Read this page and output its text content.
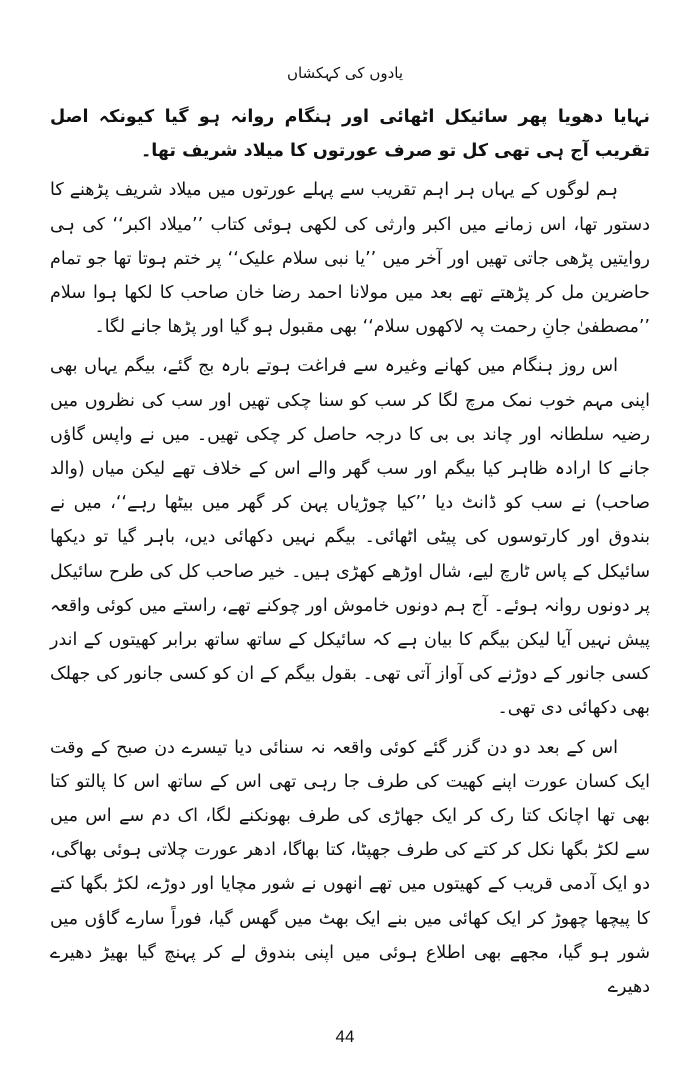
یادوں کی کہکشاں

نہایا دھویا پھر سائیکل اٹھائی اور ہنگام روانہ ہو گیا کیونکہ اصل تقریب آج ہی تھی کل تو صرف عورتوں کا میلاد شریف تھا۔

ہم لوگوں کے یہاں ہر اہم تقریب سے پہلے عورتوں میں میلاد شریف پڑھنے کا دستور تھا، اس زمانے میں اکبر وارثی کی لکھی ہوئی کتاب ’’میلاد اکبر‘‘ کی ہی روایتیں پڑھی جاتی تھیں اور آخر میں ’’یا نبی سلام علیک‘‘ پر ختم ہوتا تھا جو تمام حاضرین مل کر پڑھتے تھے بعد میں مولانا احمد رضا خان صاحب کا لکھا ہوا سلام ’’مصطفیٰ جانِ رحمت پہ لاکھوں سلام‘‘ بھی مقبول ہو گیا اور پڑھا جانے لگا۔

اس روز ہنگام میں کھانے وغیرہ سے فراغت ہوتے بارہ بج گئے، بیگم یہاں بھی اپنی مہم خوب نمک مرچ لگا کر سب کو سنا چکی تھیں اور سب کی نظروں میں رضیہ سلطانہ اور چاند بی بی کا درجہ حاصل کر چکی تھیں۔ میں نے واپس گاؤں جانے کا ارادہ ظاہر کیا بیگم اور سب گھر والے اس کے خلاف تھے لیکن میاں (والد صاحب) نے سب کو ڈانٹ دیا ’’کیا چوڑیاں پہن کر گھر میں بیٹھا رہے‘‘، میں نے بندوق اور کارتوسوں کی پیٹی اٹھائی۔ بیگم نہیں دکھائی دیں، باہر گیا تو دیکھا سائیکل کے پاس ٹارچ لیے، شال اوڑھے کھڑی ہیں۔ خیر صاحب کل کی طرح سائیکل پر دونوں روانہ ہوئے۔ آج ہم دونوں خاموش اور چوکنے تھے، راستے میں کوئی واقعہ پیش نہیں آیا لیکن بیگم کا بیان ہے کہ سائیکل کے ساتھ ساتھ برابر کھیتوں کے اندر کسی جانور کے دوڑنے کی آواز آتی تھی۔ بقول بیگم کے ان کو کسی جانور کی جھلک بھی دکھائی دی تھی۔

اس کے بعد دو دن گزر گئے کوئی واقعہ نہ سنائی دیا تیسرے دن صبح کے وقت ایک کسان عورت اپنے کھیت کی طرف جا رہی تھی اس کے ساتھ اس کا پالتو کتا بھی تھا اچانک کتا رک کر ایک جھاڑی کی طرف بھونکنے لگا، اک دم سے اس میں سے لکڑ بگھا نکل کر کتے کی طرف جھپٹا، کتا بھاگا، ادھر عورت چلاتی ہوئی بھاگی، دو ایک آدمی قریب کے کھیتوں میں تھے انھوں نے شور مچایا اور دوڑے، لکڑ بگھا کتے کا پیچھا چھوڑ کر ایک کھائی میں بنے ایک بھٹ میں گھس گیا، فوراً سارے گاؤں میں شور ہو گیا، مجھے بھی اطلاع ہوئی میں اپنی بندوق لے کر پہنچ گیا بھیڑ دھیرے دھیرے

44
